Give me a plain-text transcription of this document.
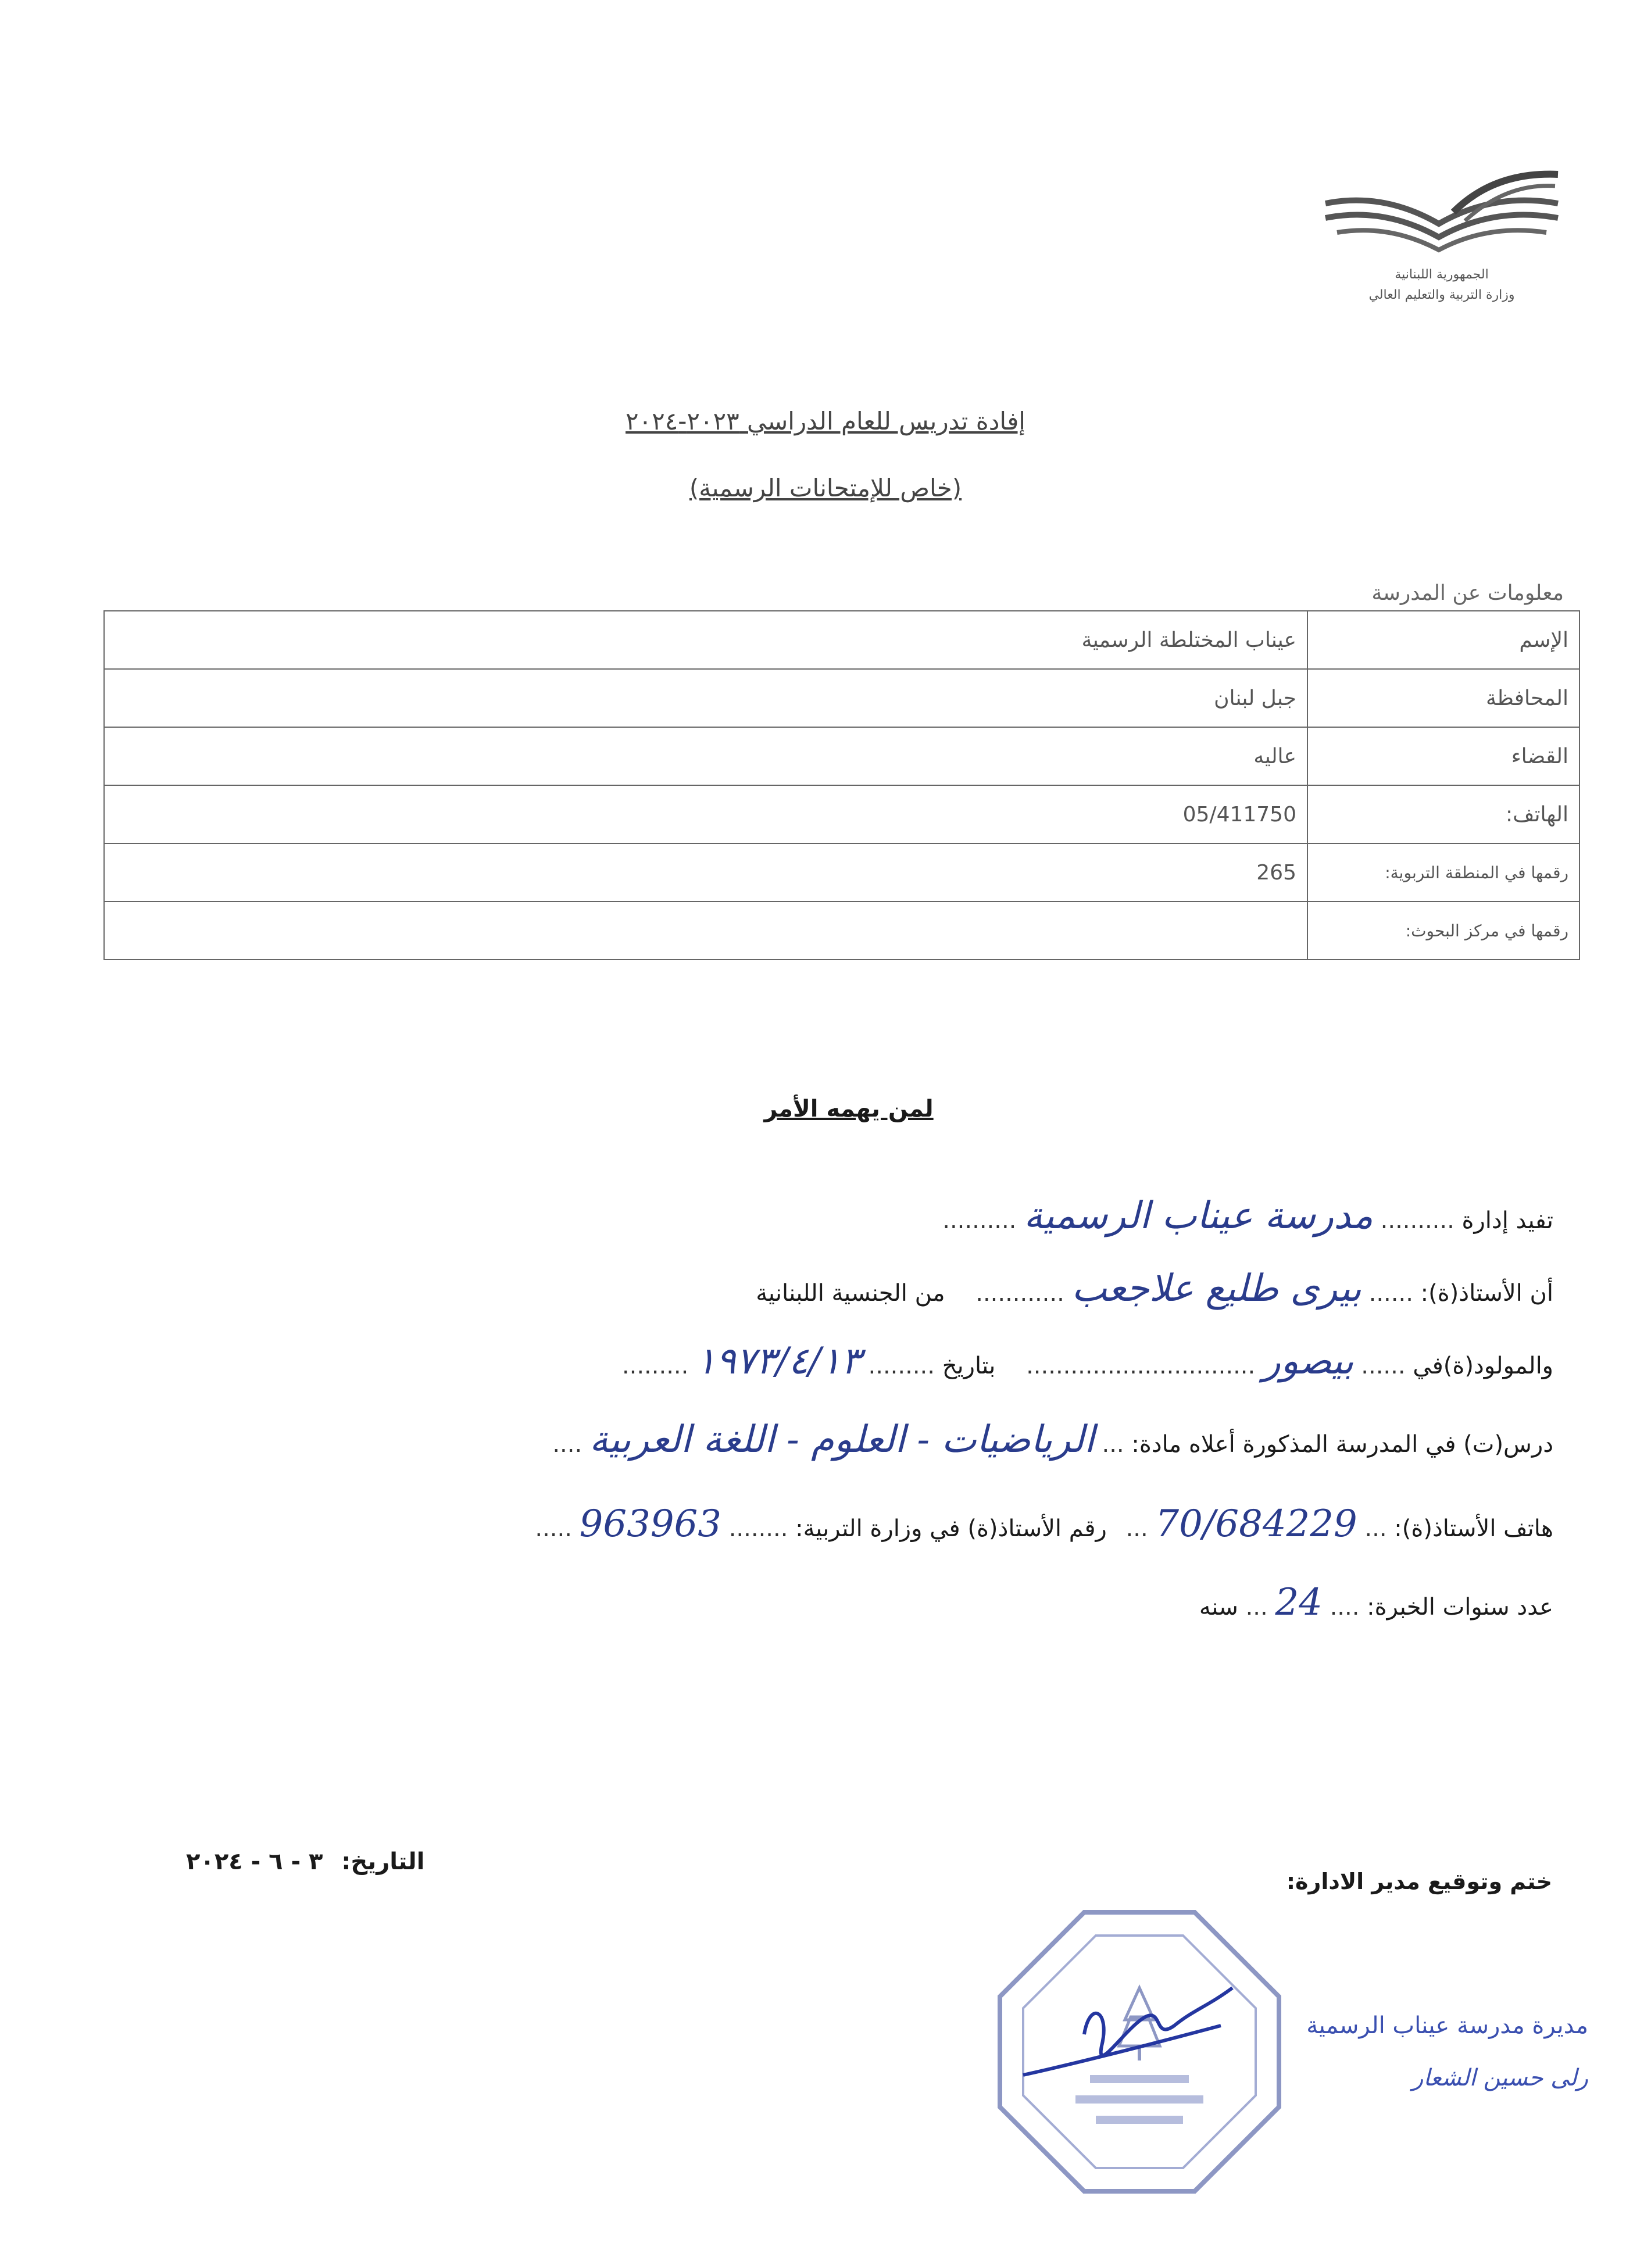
الجمهورية اللبنانية
وزارة التربية والتعليم العالي
إفادة تدريس للعام الدراسي ٢٠٢٣-٢٠٢٤
(خاص للإمتحانات الرسمية)
معلومات عن المدرسة
الإسم	عيناب المختلطة الرسمية
المحافظة	جبل لبنان
القضاء	عاليه
الهاتف:	05/411750
رقمها في المنطقة التربوية:	265
رقمها في مركز البحوث:	
لمن يهمه الأمر
تفيد إدارة .......... مدرسة عيناب الرسمية ..........
أن الأستاذ(ة): ...... بيرى طليع علاجعب ............ من الجنسية اللبنانية
والمولود(ة)في ...... بيصور ............................... بتاريخ ......... ١٩٧٣/٤/١٣ .........
درس(ت) في المدرسة المذكورة أعلاه مادة: ... الرياضيات - العلوم - اللغة العربية ....
هاتف الأستاذ(ة): ... 70/684229 ... رقم الأستاذ(ة) في وزارة التربية: ........ 963963 .....
عدد سنوات الخبرة: .... 24 ... سنه
التاريخ: ٣ - ٦ - ٢٠٢٤
ختم وتوقيع مدير الادارة:
مديرة مدرسة عيناب الرسمية
رلى حسين الشعار
